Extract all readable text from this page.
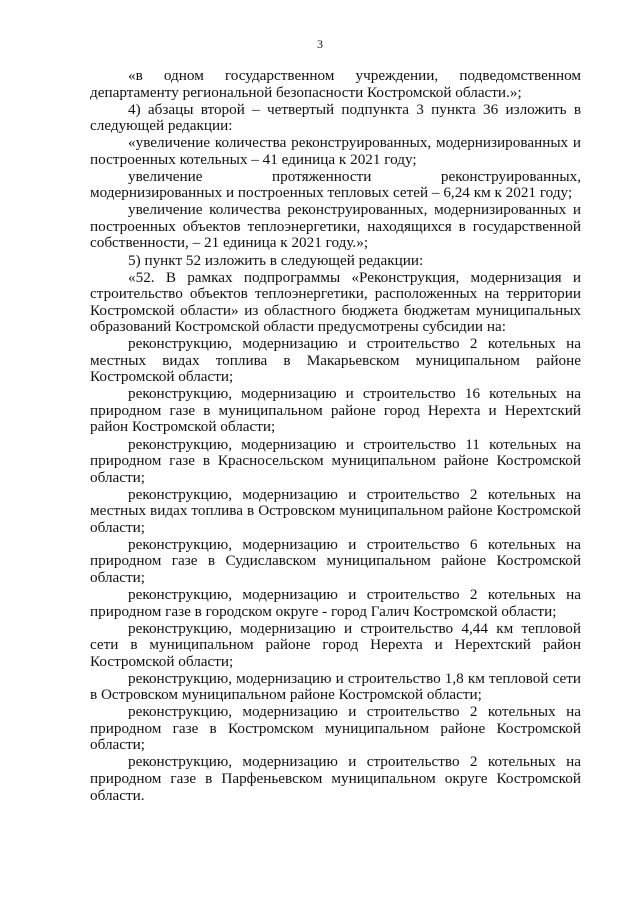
3

«в одном государственном учреждении, подведомственном департаменту региональной безопасности Костромской области.»;

4) абзацы второй – четвертый подпункта 3 пункта 36 изложить в следующей редакции:

«увеличение количества реконструированных, модернизированных и построенных котельных – 41 единица к 2021 году;

увеличение протяженности реконструированных, модернизированных и построенных тепловых сетей – 6,24 км к 2021 году;

увеличение количества реконструированных, модернизированных и построенных объектов теплоэнергетики, находящихся в государственной собственности, – 21 единица к 2021 году.»;

5) пункт 52 изложить в следующей редакции:

«52. В рамках подпрограммы «Реконструкция, модернизация и строительство объектов теплоэнергетики, расположенных на территории Костромской области» из областного бюджета бюджетам муниципальных образований Костромской области предусмотрены субсидии на:

реконструкцию, модернизацию и строительство 2 котельных на местных видах топлива в Макарьевском муниципальном районе Костромской области;

реконструкцию, модернизацию и строительство 16 котельных на природном газе в муниципальном районе город Нерехта и Нерехтский район Костромской области;

реконструкцию, модернизацию и строительство 11 котельных на природном газе в Красносельском муниципальном районе Костромской области;

реконструкцию, модернизацию и строительство 2 котельных на местных видах топлива в Островском муниципальном районе Костромской области;

реконструкцию, модернизацию и строительство 6 котельных на природном газе в Судиславском муниципальном районе Костромской области;

реконструкцию, модернизацию и строительство 2 котельных на природном газе в городском округе - город Галич Костромской области;

реконструкцию, модернизацию и строительство 4,44 км тепловой сети в муниципальном районе город Нерехта и Нерехтский район Костромской области;

реконструкцию, модернизацию и строительство 1,8 км тепловой сети в Островском муниципальном районе Костромской области;

реконструкцию, модернизацию и строительство 2 котельных на природном газе в Костромском муниципальном районе Костромской области;

реконструкцию, модернизацию и строительство 2 котельных на природном газе в Парфеньевском муниципальном округе Костромской области.
